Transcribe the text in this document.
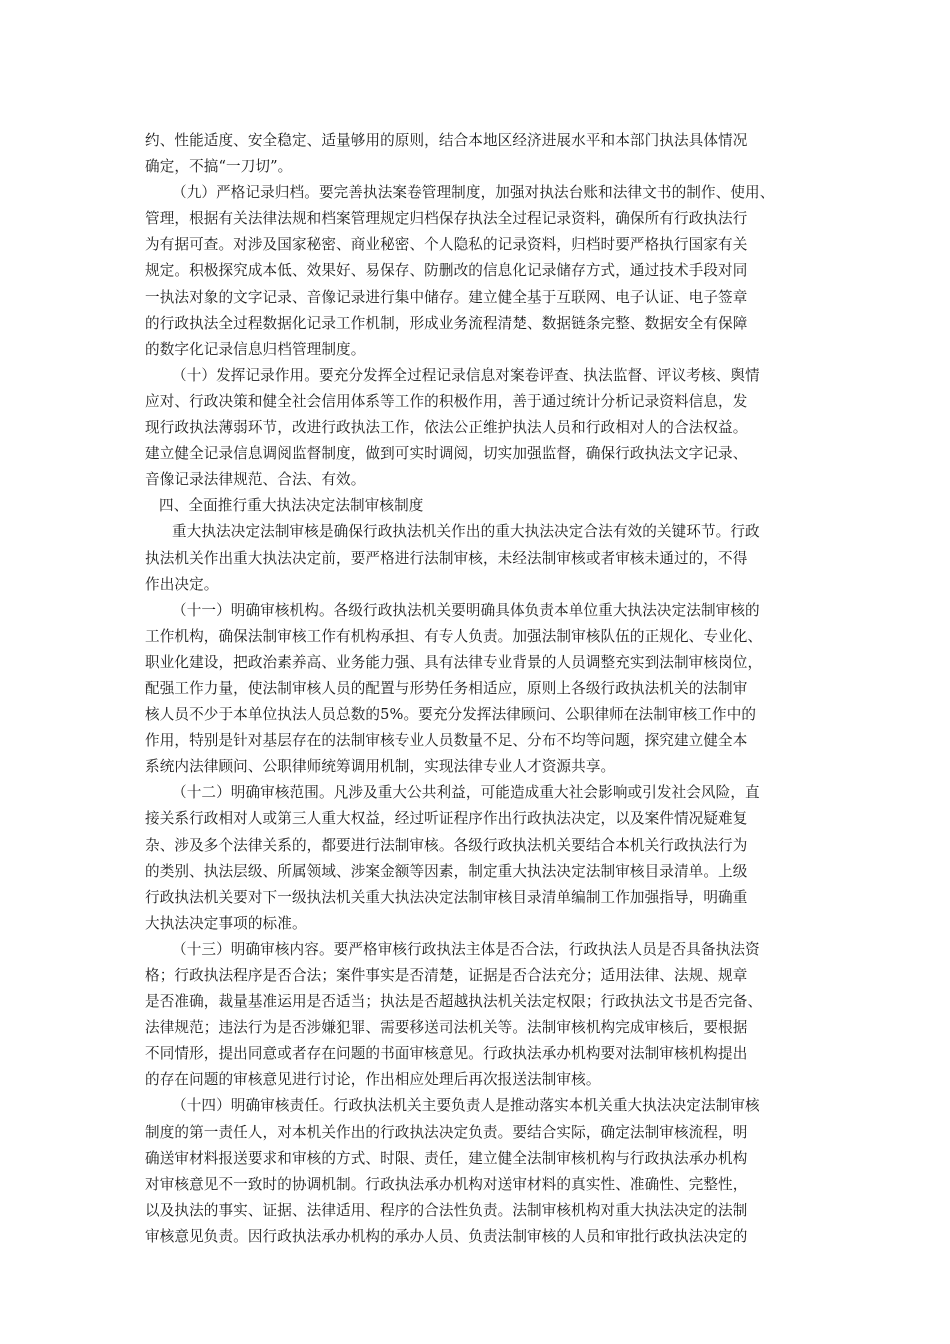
约、性能适度、安全稳定、适量够用的原则，结合本地区经济进展水平和本部门执法具体情况
确定，不搞“一刀切”。
（九）严格记录归档。要完善执法案卷管理制度，加强对执法台账和法律文书的制作、使用、
管理，根据有关法律法规和档案管理规定归档保存执法全过程记录资料，确保所有行政执法行
为有据可查。对涉及国家秘密、商业秘密、个人隐私的记录资料，归档时要严格执行国家有关
规定。积极探究成本低、效果好、易保存、防删改的信息化记录储存方式，通过技术手段对同
一执法对象的文字记录、音像记录进行集中储存。建立健全基于互联网、电子认证、电子签章
的行政执法全过程数据化记录工作机制，形成业务流程清楚、数据链条完整、数据安全有保障
的数字化记录信息归档管理制度。
（十）发挥记录作用。要充分发挥全过程记录信息对案卷评查、执法监督、评议考核、舆情
应对、行政决策和健全社会信用体系等工作的积极作用，善于通过统计分析记录资料信息，发
现行政执法薄弱环节，改进行政执法工作，依法公正维护执法人员和行政相对人的合法权益。
建立健全记录信息调阅监督制度，做到可实时调阅，切实加强监督，确保行政执法文字记录、
音像记录法律规范、合法、有效。
四、全面推行重大执法决定法制审核制度
重大执法决定法制审核是确保行政执法机关作出的重大执法决定合法有效的关键环节。行政
执法机关作出重大执法决定前，要严格进行法制审核，未经法制审核或者审核未通过的，不得
作出决定。
（十一）明确审核机构。各级行政执法机关要明确具体负责本单位重大执法决定法制审核的
工作机构，确保法制审核工作有机构承担、有专人负责。加强法制审核队伍的正规化、专业化、
职业化建设，把政治素养高、业务能力强、具有法律专业背景的人员调整充实到法制审核岗位，
配强工作力量，使法制审核人员的配置与形势任务相适应，原则上各级行政执法机关的法制审
核人员不少于本单位执法人员总数的5%。要充分发挥法律顾问、公职律师在法制审核工作中的
作用，特别是针对基层存在的法制审核专业人员数量不足、分布不均等问题，探究建立健全本
系统内法律顾问、公职律师统筹调用机制，实现法律专业人才资源共享。
（十二）明确审核范围。凡涉及重大公共利益，可能造成重大社会影响或引发社会风险，直
接关系行政相对人或第三人重大权益，经过听证程序作出行政执法决定，以及案件情况疑难复
杂、涉及多个法律关系的，都要进行法制审核。各级行政执法机关要结合本机关行政执法行为
的类别、执法层级、所属领域、涉案金额等因素，制定重大执法决定法制审核目录清单。上级
行政执法机关要对下一级执法机关重大执法决定法制审核目录清单编制工作加强指导，明确重
大执法决定事项的标准。
（十三）明确审核内容。要严格审核行政执法主体是否合法，行政执法人员是否具备执法资
格；行政执法程序是否合法；案件事实是否清楚，证据是否合法充分；适用法律、法规、规章
是否准确，裁量基准运用是否适当；执法是否超越执法机关法定权限；行政执法文书是否完备、
法律规范；违法行为是否涉嫌犯罪、需要移送司法机关等。法制审核机构完成审核后，要根据
不同情形，提出同意或者存在问题的书面审核意见。行政执法承办机构要对法制审核机构提出
的存在问题的审核意见进行讨论，作出相应处理后再次报送法制审核。
（十四）明确审核责任。行政执法机关主要负责人是推动落实本机关重大执法决定法制审核
制度的第一责任人，对本机关作出的行政执法决定负责。要结合实际，确定法制审核流程，明
确送审材料报送要求和审核的方式、时限、责任，建立健全法制审核机构与行政执法承办机构
对审核意见不一致时的协调机制。行政执法承办机构对送审材料的真实性、准确性、完整性，
以及执法的事实、证据、法律适用、程序的合法性负责。法制审核机构对重大执法决定的法制
审核意见负责。因行政执法承办机构的承办人员、负责法制审核的人员和审批行政执法决定的
